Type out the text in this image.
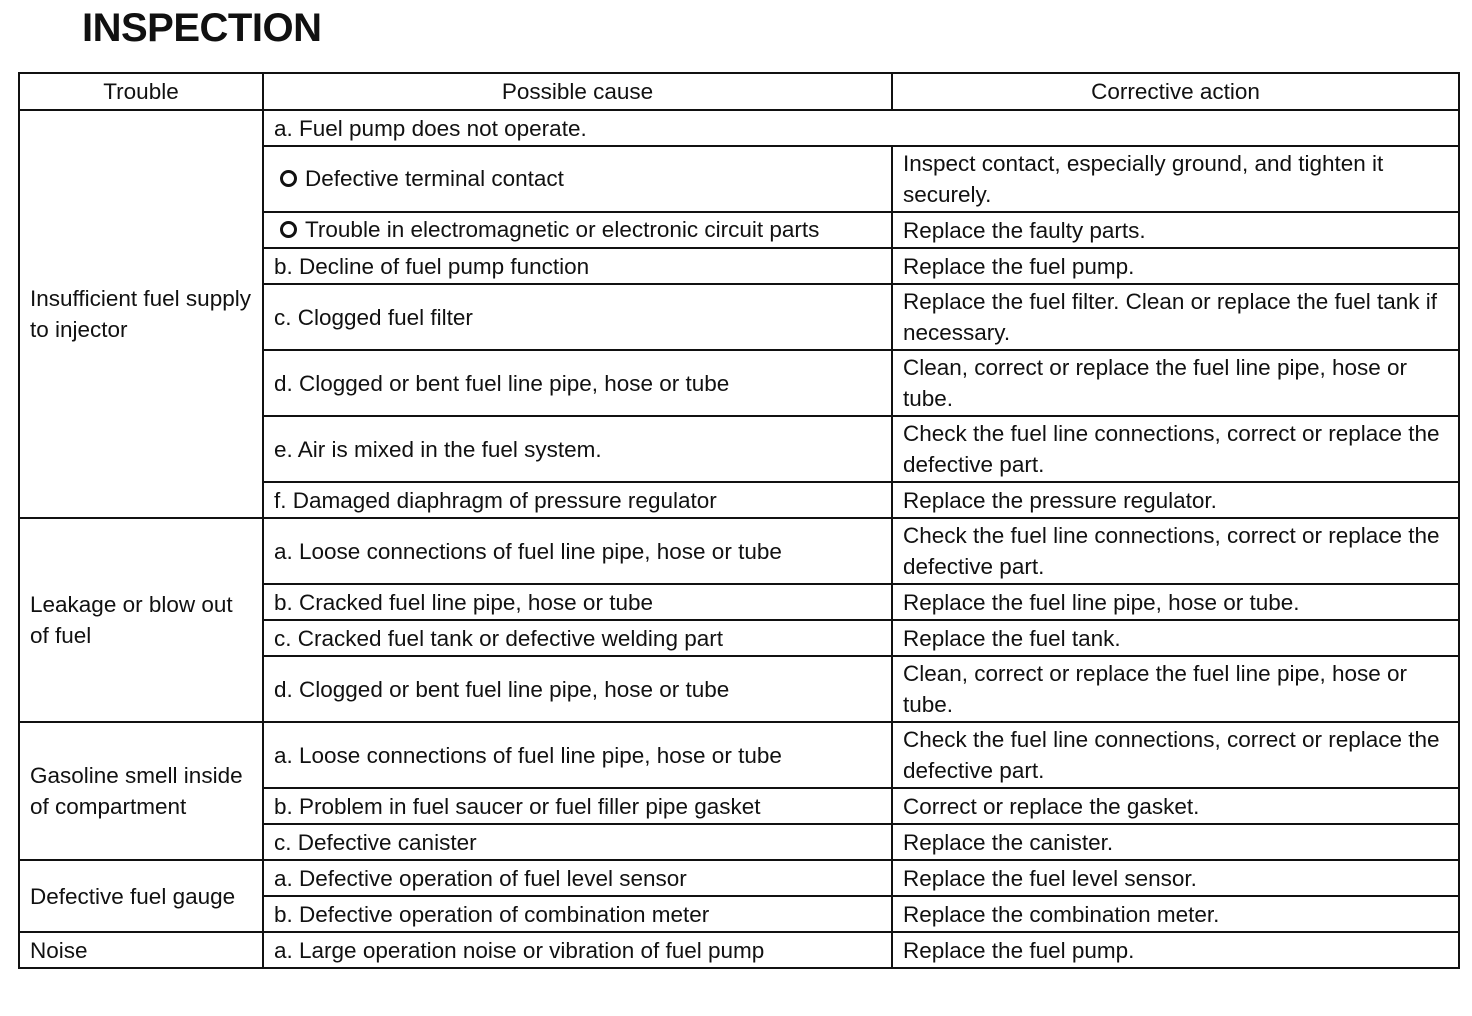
INSPECTION
Trouble	Possible cause	Corrective action
Insufficient fuel supply to injector	a. Fuel pump does not operate.	

	Defective terminal contact	Inspect contact, especially ground, and tighten it securely.

	Trouble in electromagnetic or electronic circuit parts	Replace the faulty parts.
	b. Decline of fuel pump function	Replace the fuel pump.
	c. Clogged fuel filter	Replace the fuel filter. Clean or replace the fuel tank if necessary.
	d. Clogged or bent fuel line pipe, hose or tube	Clean, correct or replace the fuel line pipe, hose or tube.
	e. Air is mixed in the fuel system.	Check the fuel line connections, correct or replace the defective part.
	f. Damaged diaphragm of pressure regulator	Replace the pressure regulator.
Leakage or blow out of fuel	a. Loose connections of fuel line pipe, hose or tube	Check the fuel line connections, correct or replace the defective part.
	b. Cracked fuel line pipe, hose or tube	Replace the fuel line pipe, hose or tube.
	c. Cracked fuel tank or defective welding part	Replace the fuel tank.
	d. Clogged or bent fuel line pipe, hose or tube	Clean, correct or replace the fuel line pipe, hose or tube.
Gasoline smell inside of compartment	a. Loose connections of fuel line pipe, hose or tube	Check the fuel line connections, correct or replace the defective part.
	b. Problem in fuel saucer or fuel filler pipe gasket	Correct or replace the gasket.
	c. Defective canister	Replace the canister.
Defective fuel gauge	a. Defective operation of fuel level sensor	Replace the fuel level sensor.
	b. Defective operation of combination meter	Replace the combination meter.
Noise	a. Large operation noise or vibration of fuel pump	Replace the fuel pump.
